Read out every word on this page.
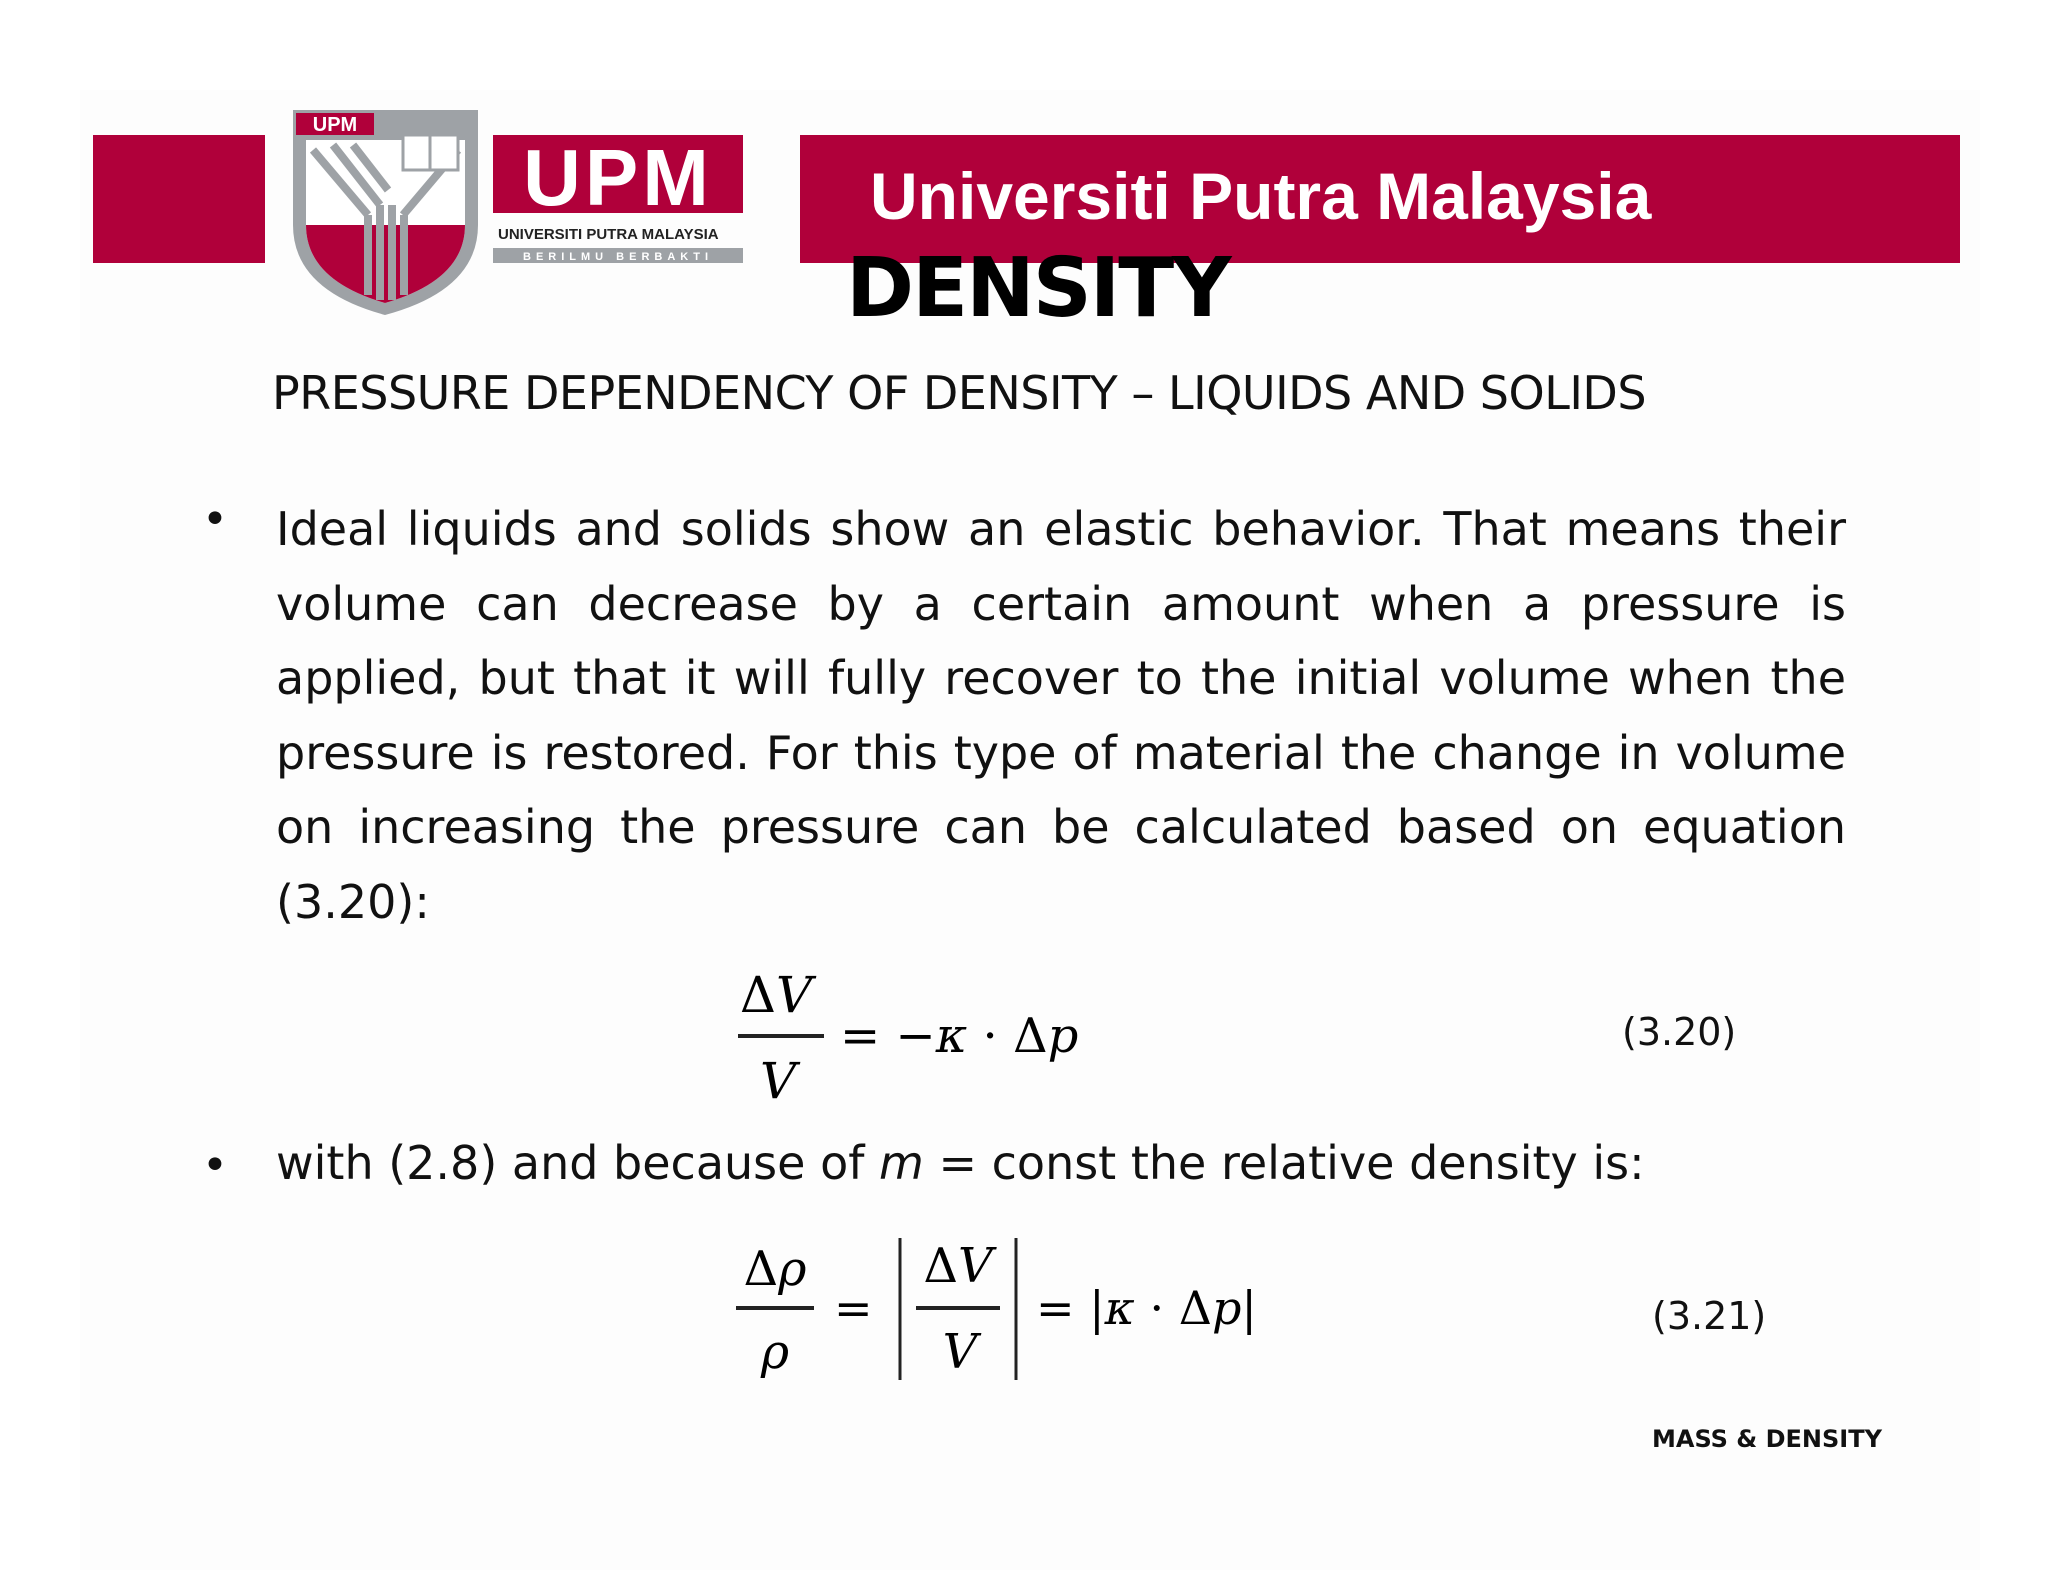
Universiti Putra Malaysia
UPM
UPM
UNIVERSITI PUTRA MALAYSIA
BERILMU BERBAKTI DENSITY
PRESSURE DEPENDENCY OF DENSITY – LIQUIDS AND SOLIDS
• Ideal liquids and solids show an elastic behavior. That means their volume can decrease by a certain amount when a pressure is applied, but that it will fully recover to the initial volume when the pressure is restored. For this type of material the change in volume on increasing the pressure can be calculated based on equation (3.20):
ΔV
V
= −κ · Δp	(3.20)
• with (2.8) and because of m = const the relative density is:
Δρ
ρ
=
ΔV
V
= |κ · Δp|	(3.21)
MASS & DENSITY
